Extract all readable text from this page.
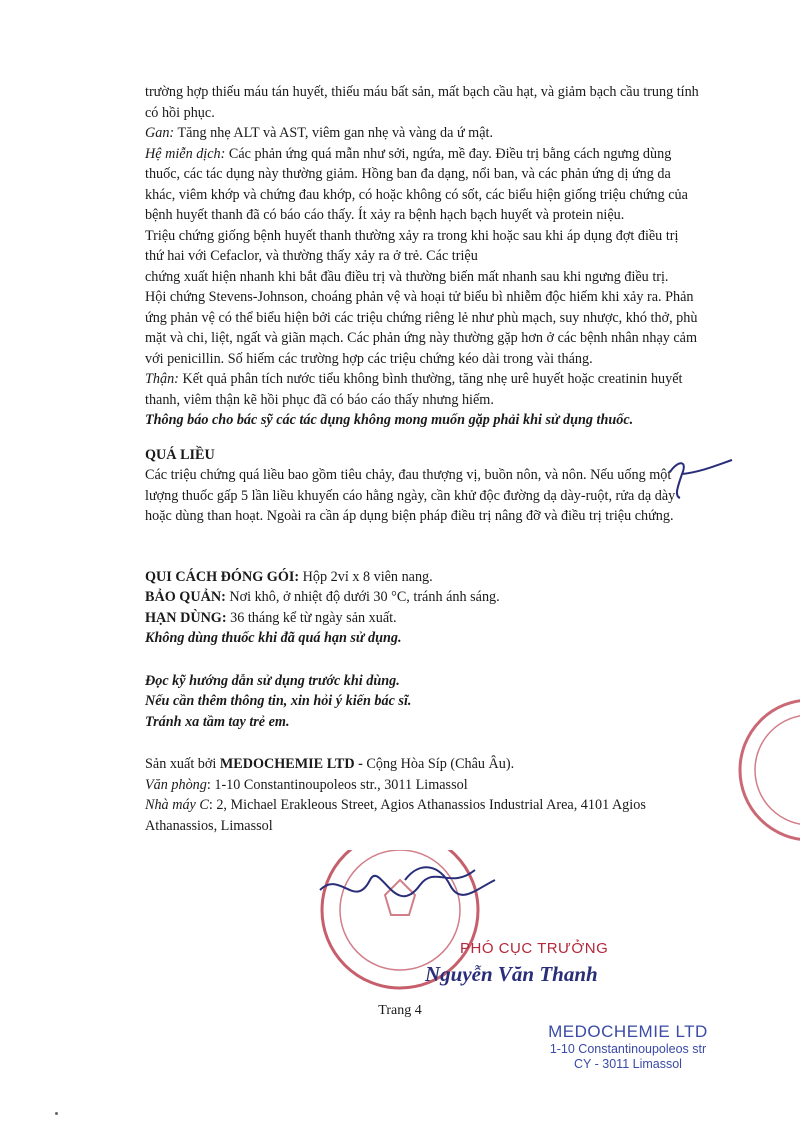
trường hợp thiếu máu tán huyết, thiếu máu bất sản, mất bạch cầu hạt, và giảm bạch cầu trung tính có hồi phục.

Gan: Tăng nhẹ ALT và AST, viêm gan nhẹ và vàng da ứ mật.

Hệ miễn dịch: Các phản ứng quá mẫn như sởi, ngứa, mề đay. Điều trị bằng cách ngưng dùng thuốc, các tác dụng này thường giảm. Hồng ban đa dạng, nổi ban, và các phản ứng dị ứng da khác, viêm khớp và chứng đau khớp, có hoặc không có sốt, các biểu hiện giống triệu chứng của bệnh huyết thanh đã có báo cáo thấy. Ít xảy ra bệnh hạch bạch huyết và protein niệu.

Triệu chứng giống bệnh huyết thanh thường xảy ra trong khi hoặc sau khi áp dụng đợt điều trị thứ hai với Cefaclor, và thường thấy xảy ra ở trẻ. Các triệu

chứng xuất hiện nhanh khi bắt đầu điều trị và thường biến mất nhanh sau khi ngưng điều trị.

Hội chứng Stevens-Johnson, choáng phản vệ và hoại tử biểu bì nhiễm độc hiếm khi xảy ra. Phản ứng phản vệ có thể biểu hiện bởi các triệu chứng riêng lẻ như phù mạch, suy nhược, khó thở, phù mặt và chi, liệt, ngất và giãn mạch. Các phản ứng này thường gặp hơn ở các bệnh nhân nhạy cảm với penicillin. Số hiếm các trường hợp các triệu chứng kéo dài trong vài tháng.

Thận: Kết quả phân tích nước tiểu không bình thường, tăng nhẹ urê huyết hoặc creatinin huyết thanh, viêm thận kẽ hồi phục đã có báo cáo thấy nhưng hiếm.

Thông báo cho bác sỹ các tác dụng không mong muốn gặp phải khi sử dụng thuốc.

QUÁ LIỀU

Các triệu chứng quá liều bao gồm tiêu chảy, đau thượng vị, buồn nôn, và nôn. Nếu uống một lượng thuốc gấp 5 lần liều khuyến cáo hằng ngày, cần khử độc đường dạ dày-ruột, rửa dạ dày hoặc dùng than hoạt. Ngoài ra cần áp dụng biện pháp điều trị nâng đỡ và điều trị triệu chứng.

QUI CÁCH ĐÓNG GÓI: Hộp 2vỉ x 8 viên nang.

BẢO QUẢN: Nơi khô, ở nhiệt độ dưới 30 °C, tránh ánh sáng.

HẠN DÙNG: 36 tháng kể từ ngày sản xuất.

Không dùng thuốc khi đã quá hạn sử dụng.

Đọc kỹ hướng dẫn sử dụng trước khi dùng.

Nếu cần thêm thông tin, xin hỏi ý kiến bác sĩ.

Tránh xa tầm tay trẻ em.

Sản xuất bởi MEDOCHEMIE LTD - Cộng Hòa Síp (Châu Âu).

Văn phòng: 1-10 Constantinoupoleos str., 3011 Limassol

Nhà máy C: 2, Michael Erakleous Street, Agios Athanassios Industrial Area, 4101 Agios Athanassios, Limassol

PHÓ CỤC TRƯỞNG
Nguyễn Văn Thanh
Trang 4
MEDOCHEMIE LTD
1-10 Constantinoupoleos str
CY - 3011 Limassol
